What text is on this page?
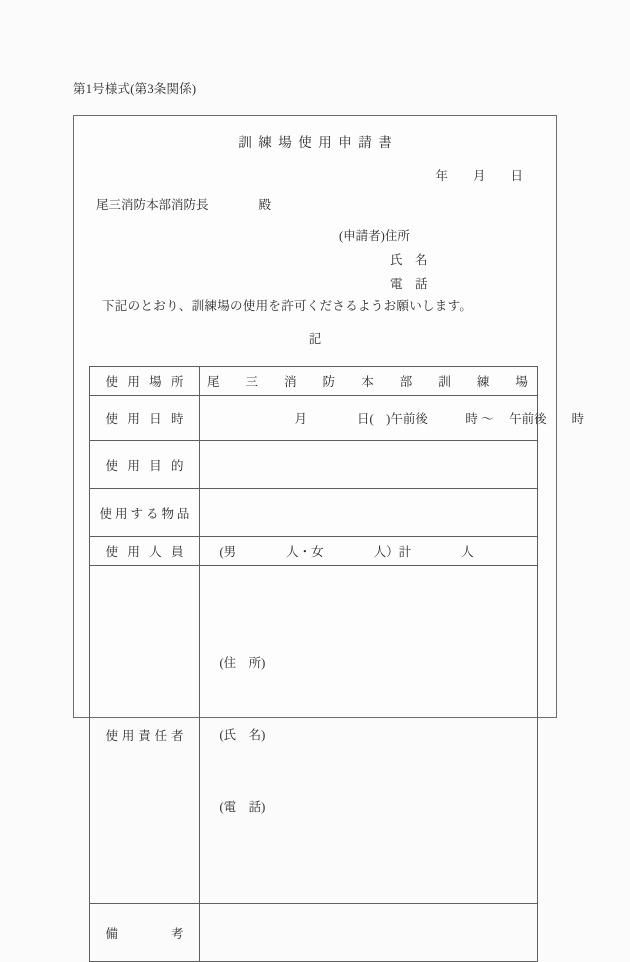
第1号様式(第3条関係)
訓練場使用申請書
年　　月　　日
尾三消防本部消防長　　　　殿
(申請者)住所
氏　名
電　話
下記のとおり、訓練場の使用を許可くださるようお願いします。
記
使 用 場 所	尾 三 消 防 本 部 訓 練 場

使 用 日 時	　　　　　　　月　　　　日(　)午前後　　　時 ～ 　午前後　　時

使 用 目 的	

使 用 す る 物 品

使 用 人 員	　(男　　　　人・女　　　　人）計　　　　人

使 用 責 任 者	　(住　所)

　(氏　名)

　(電　話)

備 考	
